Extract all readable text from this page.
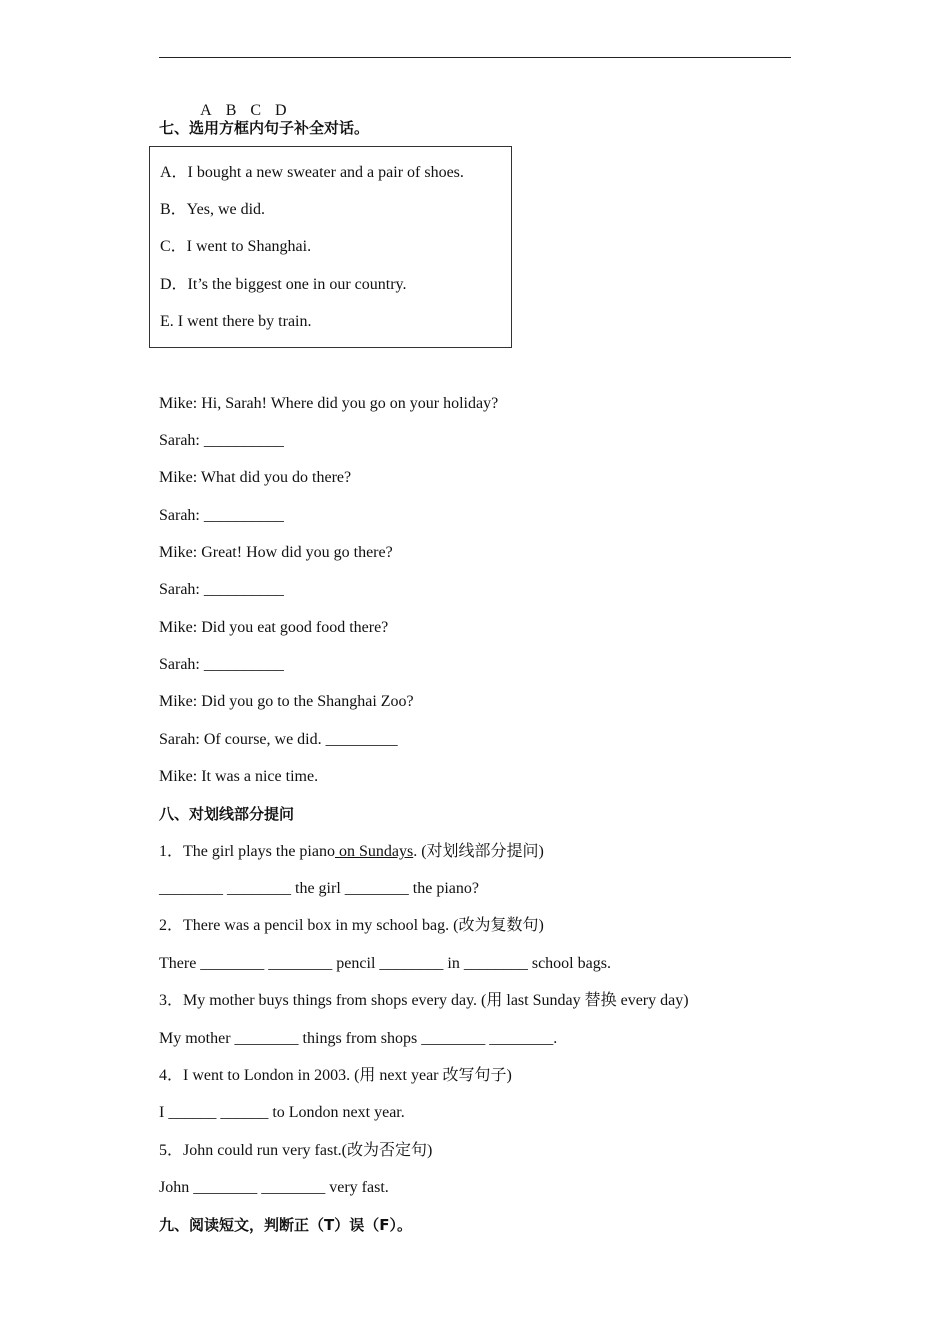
A B C D

七、选用方框内句子补全对话。
A．I bought a new sweater and a pair of shoes.
B．Yes, we did.
C．I went to Shanghai.
D．It’s the biggest one in our country.
E. I went there by train.
Mike: Hi, Sarah! Where did you go on your holiday?
Sarah: __________
Mike: What did you do there?
Sarah: __________
Mike: Great! How did you go there?
Sarah: __________
Mike: Did you eat good food there?
Sarah: __________
Mike: Did you go to the Shanghai Zoo?
Sarah: Of course, we did. _________
Mike: It was a nice time.
八、对划线部分提问
1．The girl plays the piano on Sundays. (对划线部分提问)
________ ________ the girl ________ the piano?
2．There was a pencil box in my school bag. (改为复数句)
There ________ ________ pencil ________ in ________ school bags.
3．My mother buys things from shops every day. (用 last Sunday 替换 every day)
My mother ________ things from shops ________ ________.
4．I went to London in 2003. (用 next year 改写句子)
I ______ ______ to London next year.
5．John could run very fast.(改为否定句)
John ________ ________ very fast.
九、阅读短文，判断正（T）误（F）。
